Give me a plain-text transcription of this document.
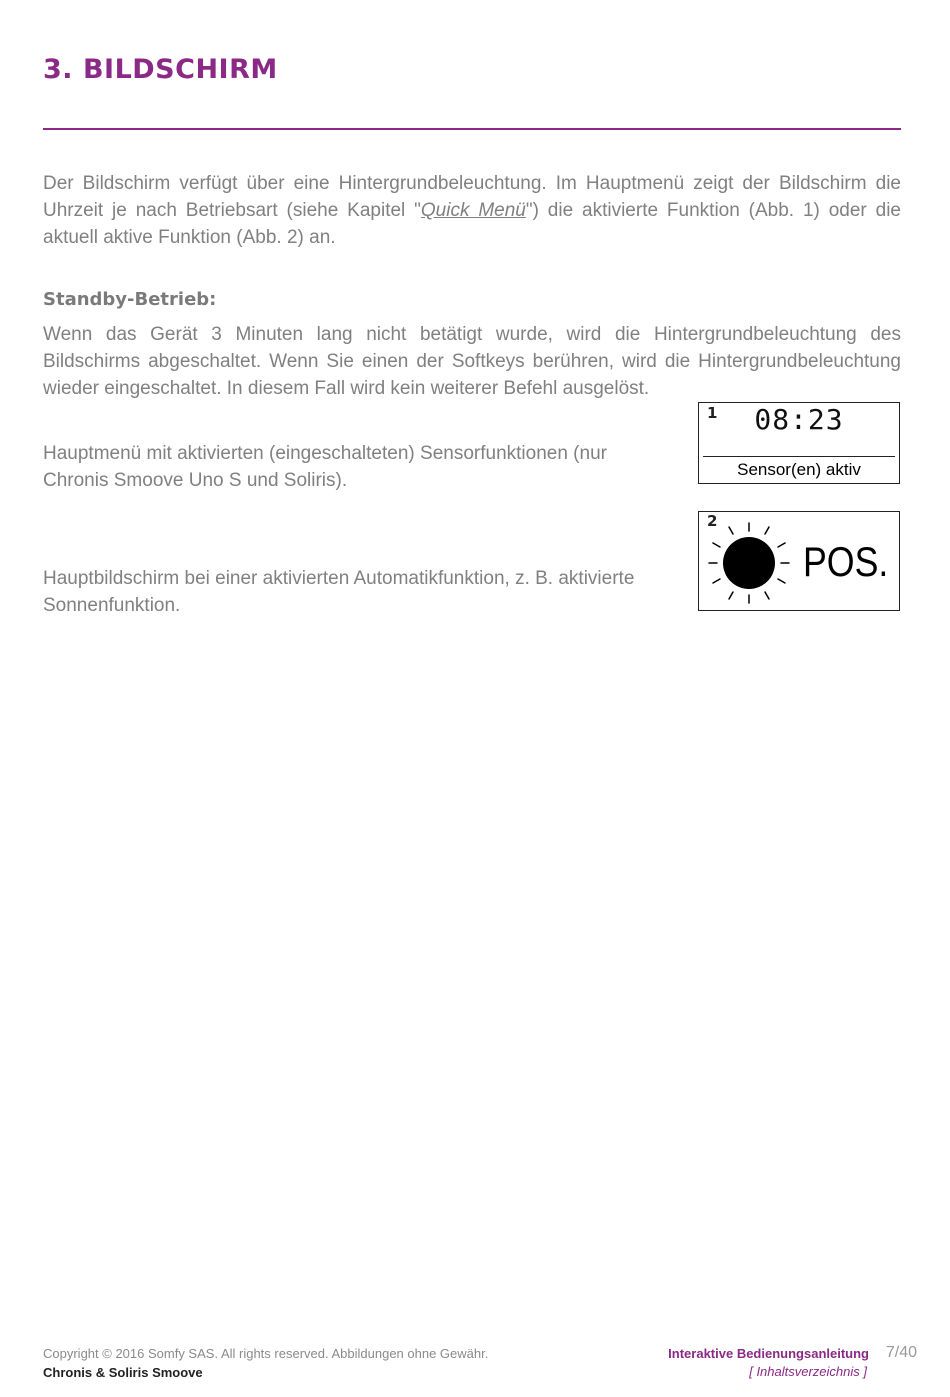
3. BILDSCHIRM
Der Bildschirm verfügt über eine Hintergrundbeleuchtung. Im Hauptmenü zeigt der Bildschirm die Uhrzeit je nach Betriebsart (siehe Kapitel "Quick Menü") die aktivierte Funktion (Abb. 1) oder die aktuell aktive Funktion (Abb. 2) an.
Standby-Betrieb:
Wenn das Gerät 3 Minuten lang nicht betätigt wurde, wird die Hintergrundbeleuchtung des Bildschirms abgeschaltet. Wenn Sie einen der Softkeys berühren, wird die Hintergrundbeleuchtung wieder eingeschaltet. In diesem Fall wird kein weiterer Befehl ausgelöst.
Hauptmenü mit aktivierten (eingeschalteten) Sensorfunktionen (nur Chronis Smoove Uno S und Soliris).
1	08:23
Sensor(en) aktiv
Hauptbildschirm bei einer aktivierten Automatikfunktion, z. B. aktivierte Sonnenfunktion.
2
POS.
Copyright © 2016 Somfy SAS. All rights reserved. Abbildungen ohne Gewähr.
Chronis & Soliris Smoove
Interaktive Bedienungsanleitung
[ Inhaltsverzeichnis ]
7/40
